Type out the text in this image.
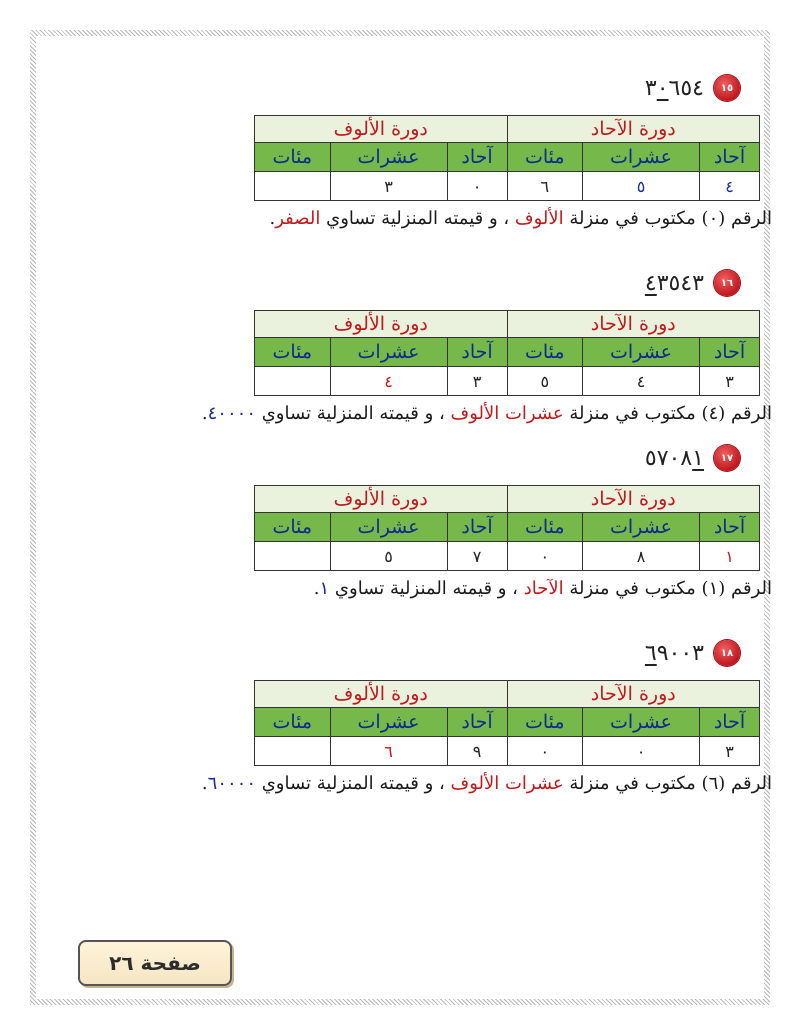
١٥
٣٠٦٥٤
دورة الآحاد			دورة الألوف		
آحاد	عشرات	مئات	آحاد	عشرات	مئات
٤	٥	٦	٠	٣	
الرقم (٠) مكتوب في منزلة الألوف ، و قيمته المنزلية تساوي الصفر.
١٦
٤٣٥٤٣
دورة الآحاد			دورة الألوف		
آحاد	عشرات	مئات	آحاد	عشرات	مئات
٣	٤	٥	٣	٤	
الرقم (٤) مكتوب في منزلة عشرات الألوف ، و قيمته المنزلية تساوي ٤٠٠٠٠.
١٧
٥٧٠٨١
دورة الآحاد			دورة الألوف		
آحاد	عشرات	مئات	آحاد	عشرات	مئات
١	٨	٠	٧	٥	
الرقم (١) مكتوب في منزلة الآحاد ، و قيمته المنزلية تساوي ١.
١٨
٦٩٠٠٣
دورة الآحاد			دورة الألوف		
آحاد	عشرات	مئات	آحاد	عشرات	مئات
٣	٠	٠	٩	٦	
الرقم (٦) مكتوب في منزلة عشرات الألوف ، و قيمته المنزلية تساوي ٦٠٠٠٠.
صفحة ٢٦
